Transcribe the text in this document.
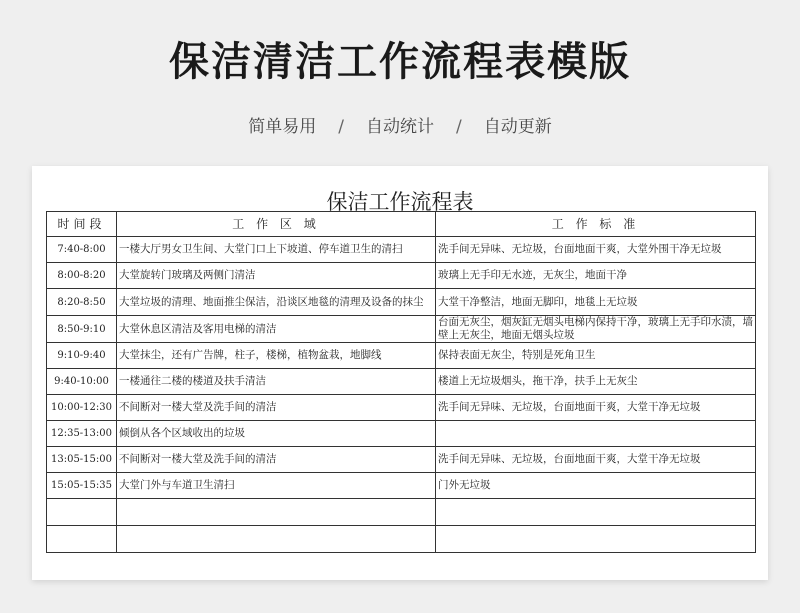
保洁清洁工作流程表模版
简单易用 / 自动统计 / 自动更新
保洁工作流程表
时间段	工 作 区 域	工 作 标 准
7:40-8:00	一楼大厅男女卫生间、大堂门口上下坡道、停车道卫生的清扫	洗手间无异味、无垃圾，台面地面干爽，大堂外围干净无垃圾
8:00-8:20	大堂旋转门玻璃及两侧门清洁	玻璃上无手印无水迹，无灰尘，地面干净
8:20-8:50	大堂垃圾的清理、地面推尘保洁，沿谈区地毯的清理及设备的抹尘	大堂干净整洁，地面无脚印，地毯上无垃圾
8:50-9:10	大堂休息区清洁及客用电梯的清洁	台面无灰尘，烟灰缸无烟头电梯内保持干净，玻璃上无手印水渍，墙壁上无灰尘，地面无烟头垃圾
9:10-9:40	大堂抹尘，还有广告牌，柱子，楼梯，植物盆栽，地脚线	保持表面无灰尘，特别是死角卫生
9:40-10:00	一楼通往二楼的楼道及扶手清洁	楼道上无垃圾烟头，拖干净，扶手上无灰尘
10:00-12:30	不间断对一楼大堂及洗手间的清洁	洗手间无异味、无垃圾，台面地面干爽，大堂干净无垃圾
12:35-13:00	倾倒从各个区域收出的垃圾	
13:05-15:00	不间断对一楼大堂及洗手间的清洁	洗手间无异味、无垃圾，台面地面干爽，大堂干净无垃圾
15:05-15:35	大堂门外与车道卫生清扫	门外无垃圾
